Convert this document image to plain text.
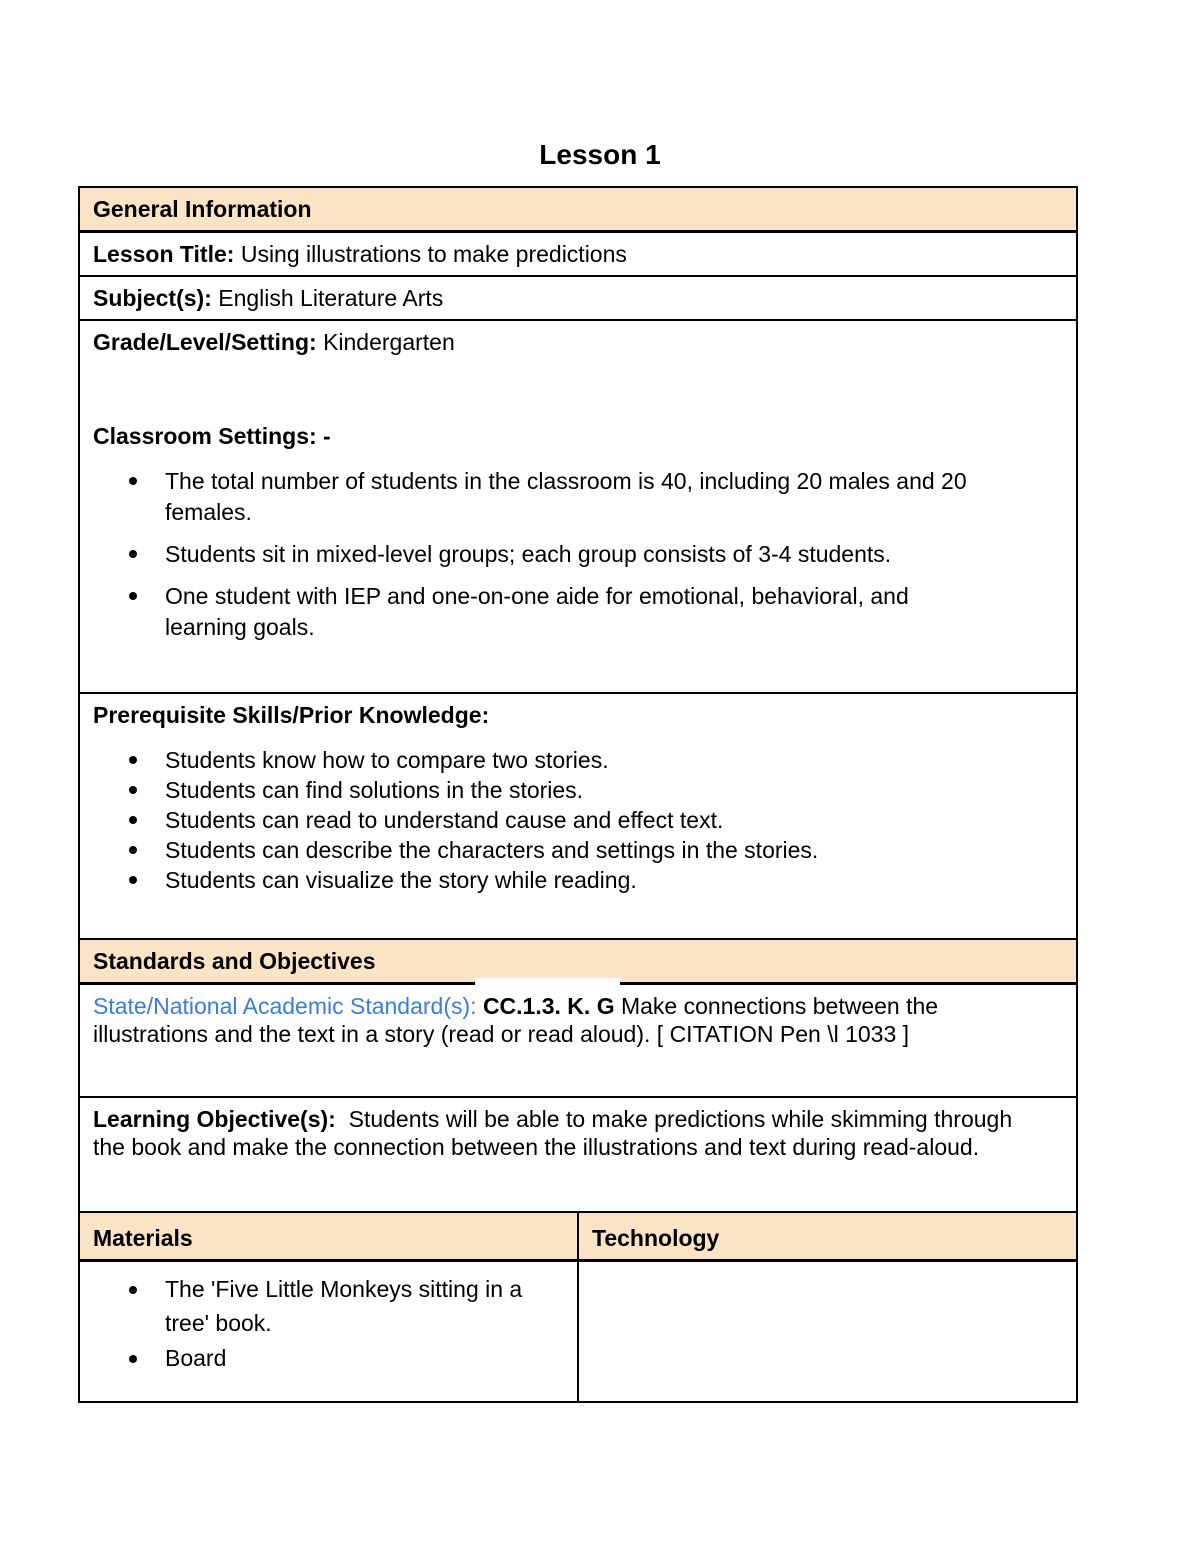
Lesson 1
General Information	

Lesson Title: Using illustrations to make predictions	

Subject(s): English Literature Arts	

Grade/Level/Setting: Kindergarten

Classroom Settings: -

The total number of students in the classroom is 40, including 20 males and 20 females.
Students sit in mixed-level groups; each group consists of 3-4 students.
One student with IEP and one-on-one aide for emotional, behavioral, and learning goals.

Prerequisite Skills/Prior Knowledge:

Students know how to compare two stories.
Students can find solutions in the stories.
Students can read to understand cause and effect text.
Students can describe the characters and settings in the stories.
Students can visualize the story while reading.

Standards and Objectives	

State/National Academic Standard(s): CC.1.3. K. G Make connections between the illustrations and the text in a story (read or read aloud). [ CITATION Pen \l 1033 ]	

Learning Objective(s): Students will be able to make predictions while skimming through the book and make the connection between the illustrations and text during read-aloud.	

Materials	Technology

The 'Five Little Monkeys sitting in a tree' book.
Board
